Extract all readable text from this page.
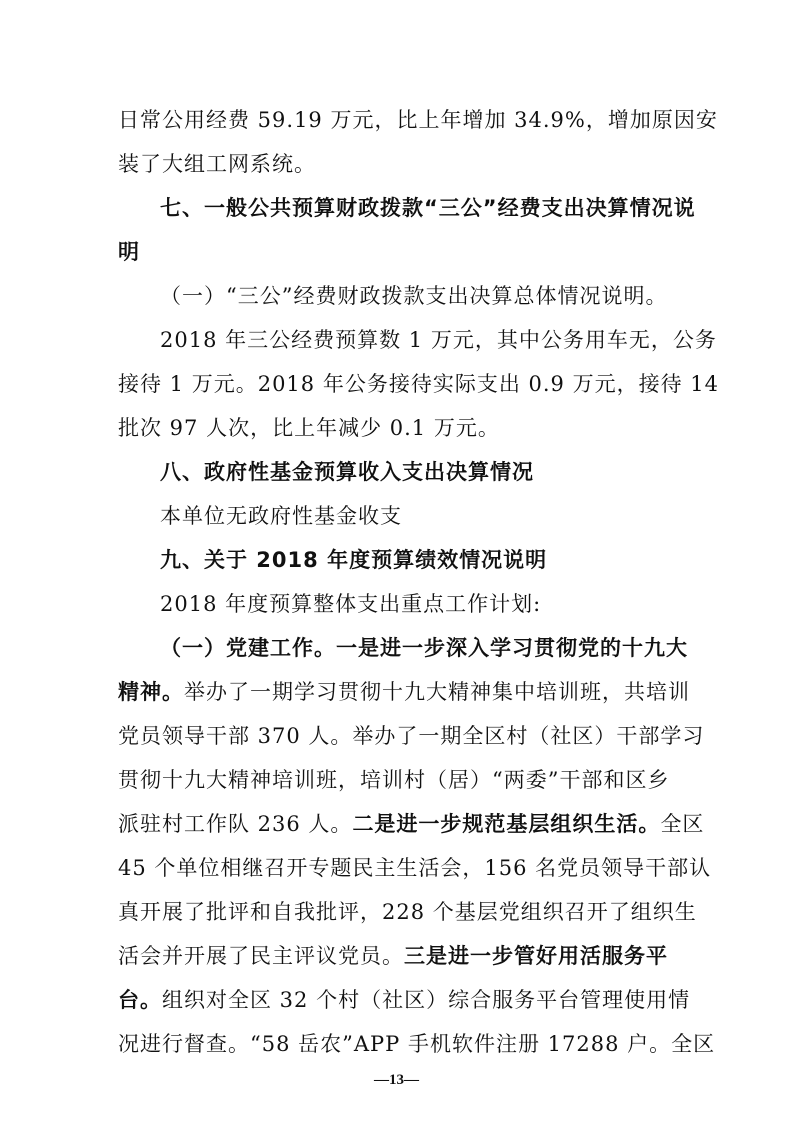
日常公用经费 59.19 万元，比上年增加 34.9%，增加原因安
装了大组工网系统。
七、一般公共预算财政拨款“三公”经费支出决算情况说
明
（一）“三公”经费财政拨款支出决算总体情况说明。
2018 年三公经费预算数 1 万元，其中公务用车无，公务
接待 1 万元。2018 年公务接待实际支出 0.9 万元，接待 14
批次 97 人次，比上年减少 0.1 万元。
八、政府性基金预算收入支出决算情况
本单位无政府性基金收支
九、关于 2018 年度预算绩效情况说明
2018 年度预算整体支出重点工作计划:
（一）党建工作。一是进一步深入学习贯彻党的十九大
精神。举办了一期学习贯彻十九大精神集中培训班，共培训
党员领导干部 370 人。举办了一期全区村（社区）干部学习
贯彻十九大精神培训班，培训村（居）“两委”干部和区乡
派驻村工作队 236 人。二是进一步规范基层组织生活。全区
45 个单位相继召开专题民主生活会，156 名党员领导干部认
真开展了批评和自我批评，228 个基层党组织召开了组织生
活会并开展了民主评议党员。三是进一步管好用活服务平
台。组织对全区 32 个村（社区）综合服务平台管理使用情
况进行督查。“58 岳农”APP 手机软件注册 17288 户。全区
—13—
